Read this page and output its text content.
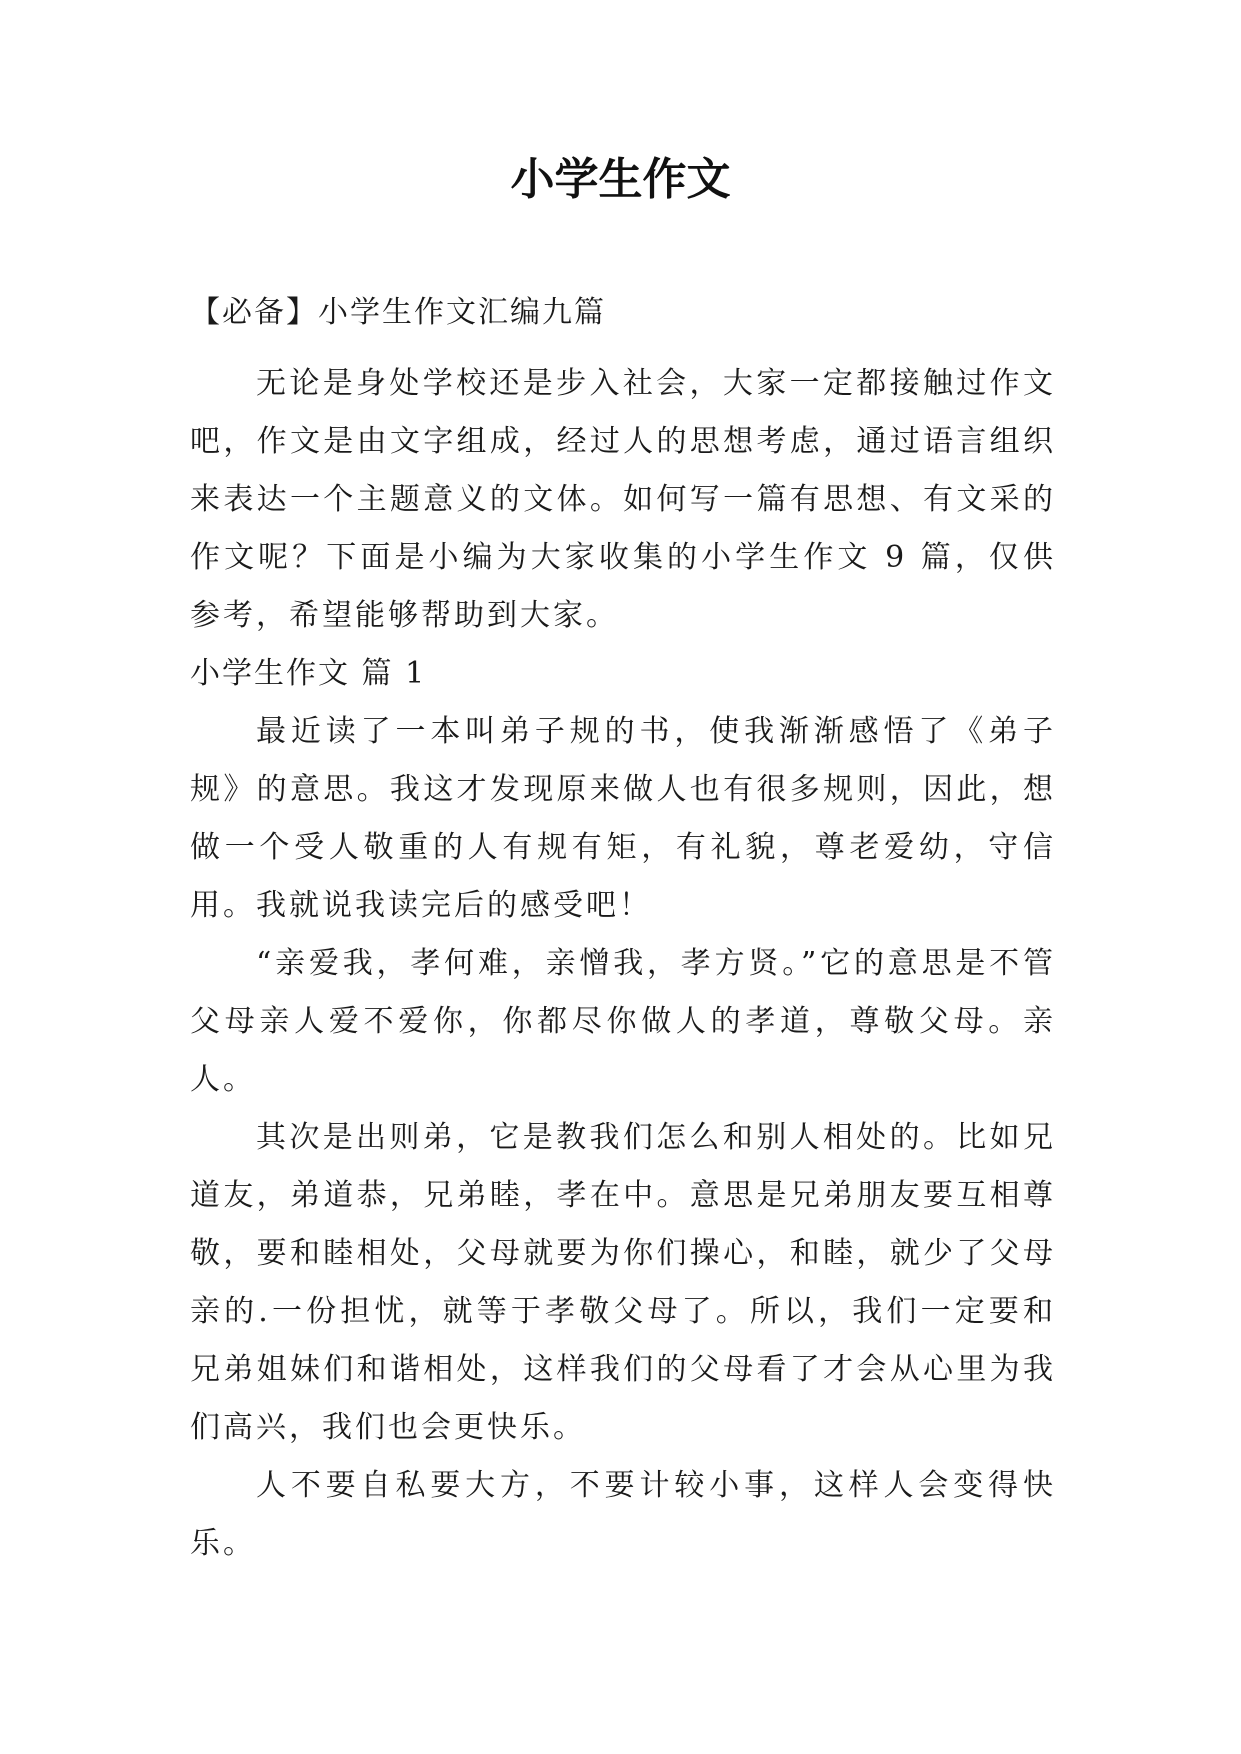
小学生作文

【必备】小学生作文汇编九篇

无论是身处学校还是步入社会，大家一定都接触过作文吧，作文是由文字组成，经过人的思想考虑，通过语言组织来表达一个主题意义的文体。如何写一篇有思想、有文采的作文呢？下面是小编为大家收集的小学生作文 9 篇，仅供参考，希望能够帮助到大家。

小学生作文 篇 1

最近读了一本叫弟子规的书，使我渐渐感悟了《弟子规》的意思。我这才发现原来做人也有很多规则，因此，想做一个受人敬重的人有规有矩，有礼貌，尊老爱幼，守信用。我就说我读完后的感受吧！

“亲爱我，孝何难，亲憎我，孝方贤。”它的意思是不管父母亲人爱不爱你，你都尽你做人的孝道，尊敬父母。亲人。

其次是出则弟，它是教我们怎么和别人相处的。比如兄道友，弟道恭，兄弟睦，孝在中。意思是兄弟朋友要互相尊敬，要和睦相处，父母就要为你们操心，和睦，就少了父母亲的.一份担忧，就等于孝敬父母了。所以，我们一定要和兄弟姐妹们和谐相处，这样我们的父母看了才会从心里为我们高兴，我们也会更快乐。

人不要自私要大方，不要计较小事，这样人会变得快乐。
